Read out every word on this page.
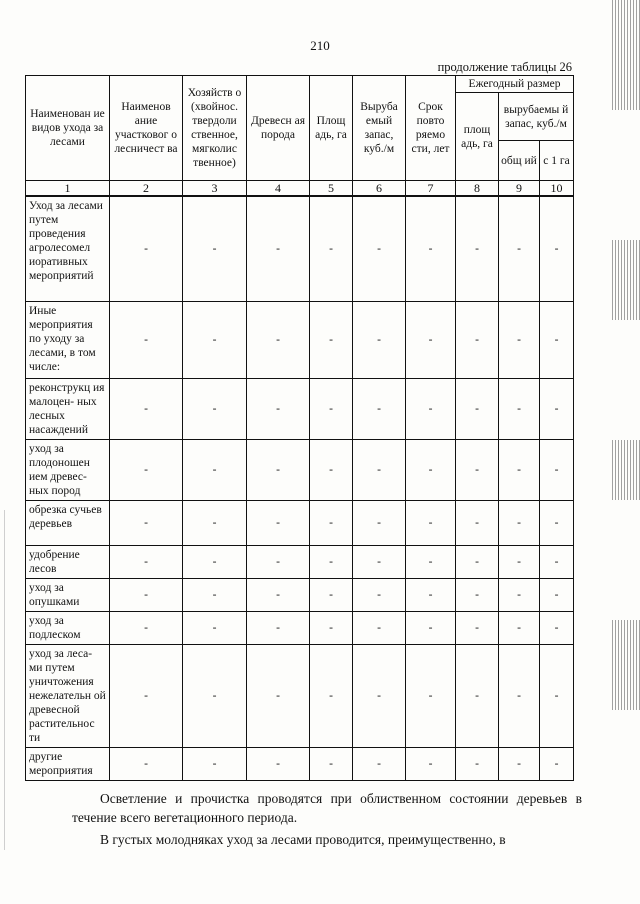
210
продолжение таблицы 26
Наименован ие видов ухода за лесами	Наименов ание участковог о лесничест ва	Хозяйств о (хвойнос. твердоли ственное, мягколис твенное)	Древесн ая порода	Площ адь, га	Выруба емый запас, куб./м	Срок повто ряемо сти, лет	Ежегодный размер		
							площ адь, га	вырубаемы й запас, куб./м	
								общ ий	с 1 га
1	2	3	4	5	6	7	8	9	10
Уход за лесами путем проведения агролесомел иоративных мероприятий	-	-	-	-	-	-	-	-	-
Иные мероприятия по уходу за лесами, в том числе:	-	-	-	-	-	-	-	-	-
реконструкц ия малоцен- ных лесных насаждений	-	-	-	-	-	-	-	-	-
уход за плодоношен ием древес- ных пород	-	-	-	-	-	-	-	-	-
обрезка сучьев деревьев	-	-	-	-	-	-	-	-	-
удобрение лесов	-	-	-	-	-	-	-	-	-
уход за опушками	-	-	-	-	-	-	-	-	-
уход за подлеском	-	-	-	-	-	-	-	-	-
уход за леса- ми путем уничтожения нежелательн ой древесной растительнос ти	-	-	-	-	-	-	-	-	-
другие мероприятия	-	-	-	-	-	-	-	-	-
Осветление и прочистка проводятся при облиственном состоянии деревьев в течение всего вегетационного периода.
В густых молодняках уход за лесами проводится, преимущественно, в
